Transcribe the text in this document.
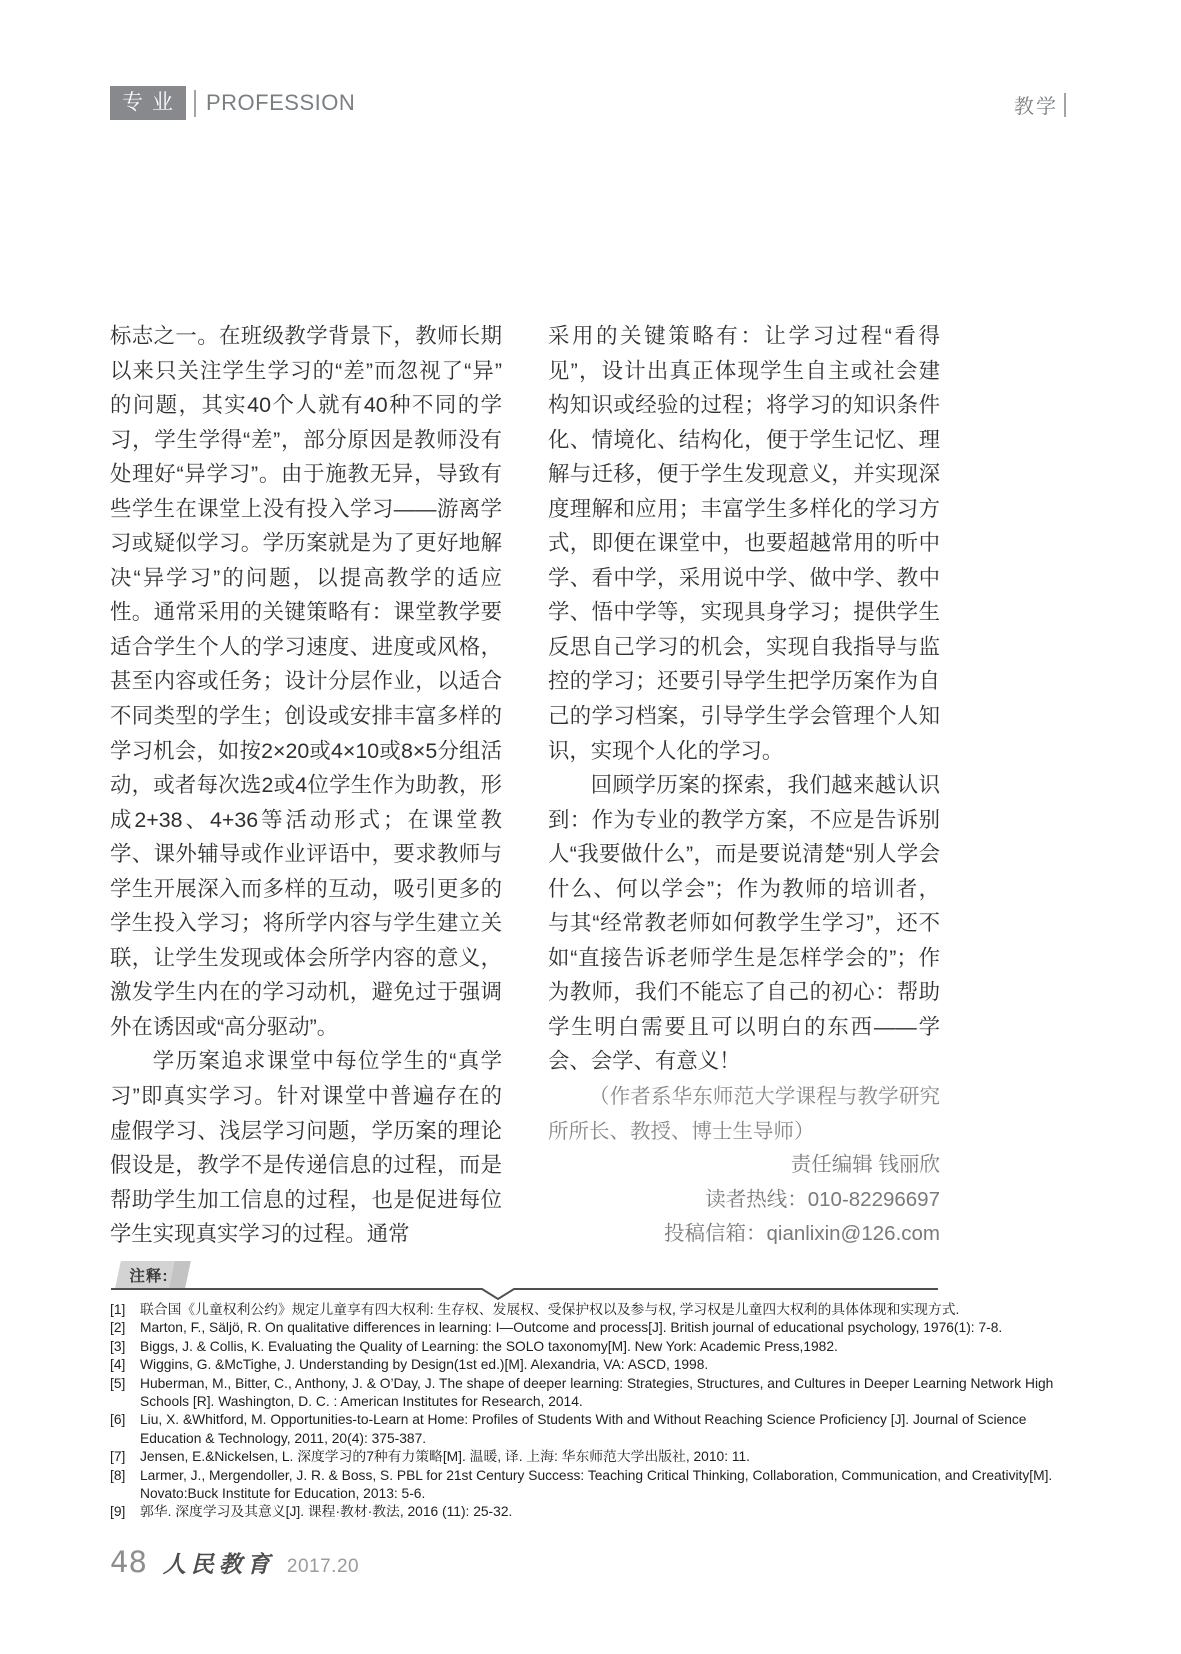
专业 PROFESSION	教学

标志之一。在班级教学背景下，教师长期以来只关注学生学习的“差”而忽视了“异”的问题，其实40个人就有40种不同的学习，学生学得“差”，部分原因是教师没有处理好“异学习”。由于施教无异，导致有些学生在课堂上没有投入学习——游离学习或疑似学习。学历案就是为了更好地解决“异学习”的问题，以提高教学的适应性。通常采用的关键策略有：课堂教学要适合学生个人的学习速度、进度或风格，甚至内容或任务；设计分层作业，以适合不同类型的学生；创设或安排丰富多样的学习机会，如按2×20或4×10或8×5分组活动，或者每次选2或4位学生作为助教，形成2+38、4+36等活动形式；在课堂教学、课外辅导或作业评语中，要求教师与学生开展深入而多样的互动，吸引更多的学生投入学习；将所学内容与学生建立关联，让学生发现或体会所学内容的意义，激发学生内在的学习动机，避免过于强调外在诱因或“高分驱动”。

学历案追求课堂中每位学生的“真学习”即真实学习。针对课堂中普遍存在的虚假学习、浅层学习问题，学历案的理论假设是，教学不是传递信息的过程，而是帮助学生加工信息的过程，也是促进每位学生实现真实学习的过程。通常

采用的关键策略有：让学习过程“看得见”，设计出真正体现学生自主或社会建构知识或经验的过程；将学习的知识条件化、情境化、结构化，便于学生记忆、理解与迁移，便于学生发现意义，并实现深度理解和应用；丰富学生多样化的学习方式，即便在课堂中，也要超越常用的听中学、看中学，采用说中学、做中学、教中学、悟中学等，实现具身学习；提供学生反思自己学习的机会，实现自我指导与监控的学习；还要引导学生把学历案作为自己的学习档案，引导学生学会管理个人知识，实现个人化的学习。

回顾学历案的探索，我们越来越认识到：作为专业的教学方案，不应是告诉别人“我要做什么”，而是要说清楚“别人学会什么、何以学会”；作为教师的培训者，与其“经常教老师如何教学生学习”，还不如“直接告诉老师学生是怎样学会的”；作为教师，我们不能忘了自己的初心：帮助学生明白需要且可以明白的东西——学会、会学、有意义！

（作者系华东师范大学课程与教学研究所所长、教授、博士生导师）

责任编辑 钱丽欣

读者热线：010-82296697

投稿信箱：qianlixin@126.com

注释:
[1] 联合国《儿童权利公约》规定儿童享有四大权利: 生存权、发展权、受保护权以及参与权, 学习权是儿童四大权利的具体体现和实现方式.
[2] Marton, F., Säljö, R. On qualitative differences in learning: I—Outcome and process[J]. British journal of educational psychology, 1976(1): 7-8.
[3] Biggs, J. & Collis, K. Evaluating the Quality of Learning: the SOLO taxonomy[M]. New York: Academic Press,1982.
[4] Wiggins, G. &McTighe, J. Understanding by Design(1st ed.)[M]. Alexandria, VA: ASCD, 1998.
[5] Huberman, M., Bitter, C., Anthony, J. & O’Day, J. The shape of deeper learning: Strategies, Structures, and Cultures in Deeper Learning Network High Schools [R]. Washington, D. C. : American Institutes for Research, 2014.
[6] Liu, X. &Whitford, M. Opportunities-to-Learn at Home: Profiles of Students With and Without Reaching Science Proficiency [J]. Journal of Science Education & Technology, 2011, 20(4): 375-387.
[7] Jensen, E.&Nickelsen, L. 深度学习的7种有力策略[M]. 温暖, 译. 上海: 华东师范大学出版社, 2010: 11.
[8] Larmer, J., Mergendoller, J. R. & Boss, S. PBL for 21st Century Success: Teaching Critical Thinking, Collaboration, Communication, and Creativity[M]. Novato:Buck Institute for Education, 2013: 5-6.
[9] 郭华. 深度学习及其意义[J]. 课程·教材·教法, 2016 (11): 25-32.
48 人民教育 2017.20
